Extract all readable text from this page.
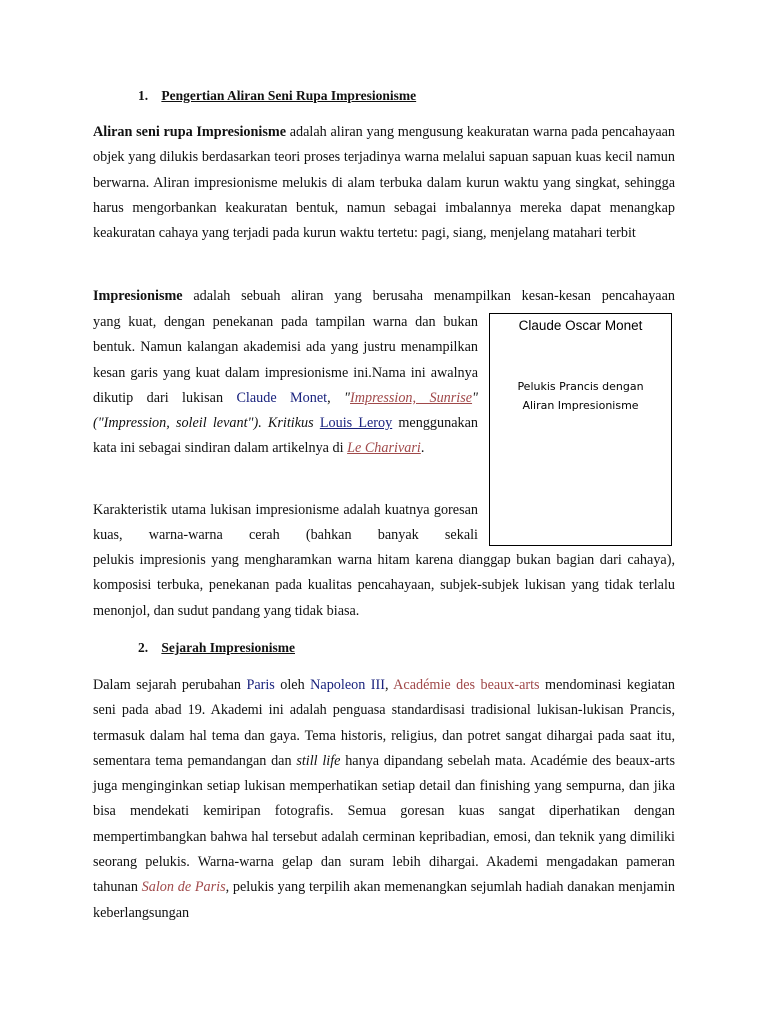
1. Pengertian Aliran Seni Rupa Impresionisme

Aliran seni rupa Impresionisme adalah aliran yang mengusung keakuratan warna pada pencahayaan objek yang dilukis berdasarkan teori proses terjadinya warna melalui sapuan sapuan kuas kecil namun berwarna. Aliran impresionisme melukis di alam terbuka dalam kurun waktu yang singkat, sehingga harus mengorbankan keakuratan bentuk, namun sebagai imbalannya mereka dapat menangkap keakuratan cahaya yang terjadi pada kurun waktu tertetu: pagi, siang, menjelang matahari terbit

Impresionisme adalah sebuah aliran yang berusaha menampilkan kesan-kesan pencahayaan

yang kuat, dengan penekanan pada tampilan warna dan bukan bentuk. Namun kalangan akademisi ada yang justru menampilkan kesan garis yang kuat dalam impresionisme ini.Nama ini awalnya dikutip dari lukisan Claude Monet, "Impression, Sunrise" ("Impression, soleil levant"). Kritikus Louis Leroy menggunakan kata ini sebagai sindiran dalam artikelnya di Le Charivari.

Karakteristik utama lukisan impresionisme adalah kuatnya goresan kuas, warna-warna cerah (bahkan banyak sekali

pelukis impresionis yang mengharamkan warna hitam karena dianggap bukan bagian dari cahaya), komposisi terbuka, penekanan pada kualitas pencahayaan, subjek-subjek lukisan yang tidak terlalu menonjol, dan sudut pandang yang tidak biasa.

Claude Oscar Monet
Pelukis Prancis dengan
Aliran Impresionisme
2. Sejarah Impresionisme

Dalam sejarah perubahan Paris oleh Napoleon III, Académie des beaux-arts mendominasi kegiatan seni pada abad 19. Akademi ini adalah penguasa standardisasi tradisional lukisan-lukisan Prancis, termasuk dalam hal tema dan gaya. Tema historis, religius, dan potret sangat dihargai pada saat itu, sementara tema pemandangan dan still life hanya dipandang sebelah mata. Académie des beaux-arts juga menginginkan setiap lukisan memperhatikan setiap detail dan finishing yang sempurna, dan jika bisa mendekati kemiripan fotografis. Semua goresan kuas sangat diperhatikan dengan mempertimbangkan bahwa hal tersebut adalah cerminan kepribadian, emosi, dan teknik yang dimiliki seorang pelukis. Warna-warna gelap dan suram lebih dihargai. Akademi mengadakan pameran tahunan Salon de Paris, pelukis yang terpilih akan memenangkan sejumlah hadiah danakan menjamin keberlangsungan
